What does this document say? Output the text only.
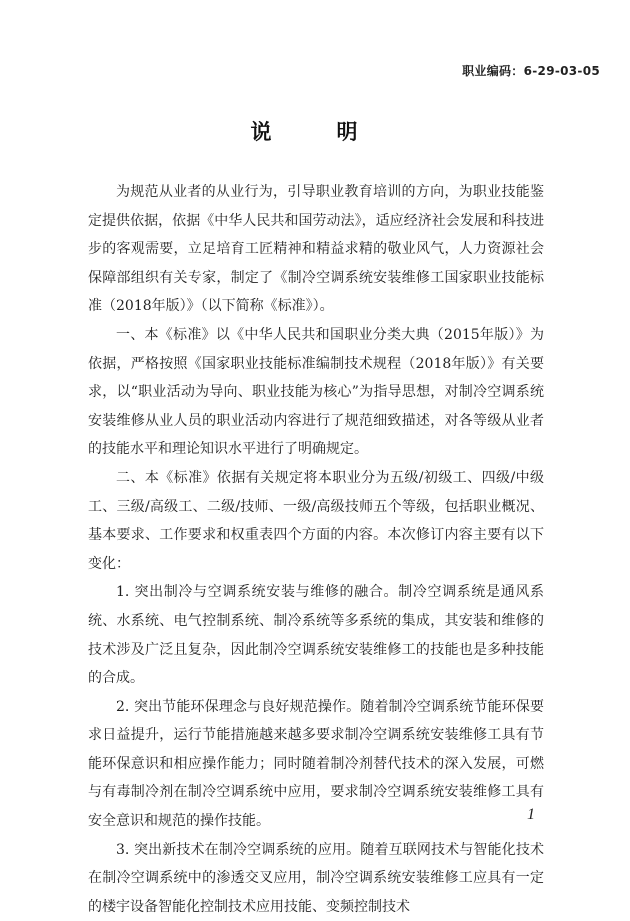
职业编码：6-29-03-05
说　明

为规范从业者的从业行为，引导职业教育培训的方向，为职业技能鉴定提供依据，依据《中华人民共和国劳动法》，适应经济社会发展和科技进步的客观需要，立足培育工匠精神和精益求精的敬业风气，人力资源社会保障部组织有关专家，制定了《制冷空调系统安装维修工国家职业技能标准（2018年版）》（以下简称《标准》）。

一、本《标准》以《中华人民共和国职业分类大典（2015年版）》为依据，严格按照《国家职业技能标准编制技术规程（2018年版）》有关要求，以“职业活动为导向、职业技能为核心”为指导思想，对制冷空调系统安装维修从业人员的职业活动内容进行了规范细致描述，对各等级从业者的技能水平和理论知识水平进行了明确规定。

二、本《标准》依据有关规定将本职业分为五级/初级工、四级/中级工、三级/高级工、二级/技师、一级/高级技师五个等级，包括职业概况、基本要求、工作要求和权重表四个方面的内容。本次修订内容主要有以下变化：

1. 突出制冷与空调系统安装与维修的融合。制冷空调系统是通风系统、水系统、电气控制系统、制冷系统等多系统的集成，其安装和维修的技术涉及广泛且复杂，因此制冷空调系统安装维修工的技能也是多种技能的合成。

2. 突出节能环保理念与良好规范操作。随着制冷空调系统节能环保要求日益提升，运行节能措施越来越多要求制冷空调系统安装维修工具有节能环保意识和相应操作能力；同时随着制冷剂替代技术的深入发展，可燃与有毒制冷剂在制冷空调系统中应用，要求制冷空调系统安装维修工具有安全意识和规范的操作技能。

3. 突出新技术在制冷空调系统的应用。随着互联网技术与智能化技术在制冷空调系统中的渗透交叉应用，制冷空调系统安装维修工应具有一定的楼宇设备智能化控制技术应用技能、变频控制技术

1
